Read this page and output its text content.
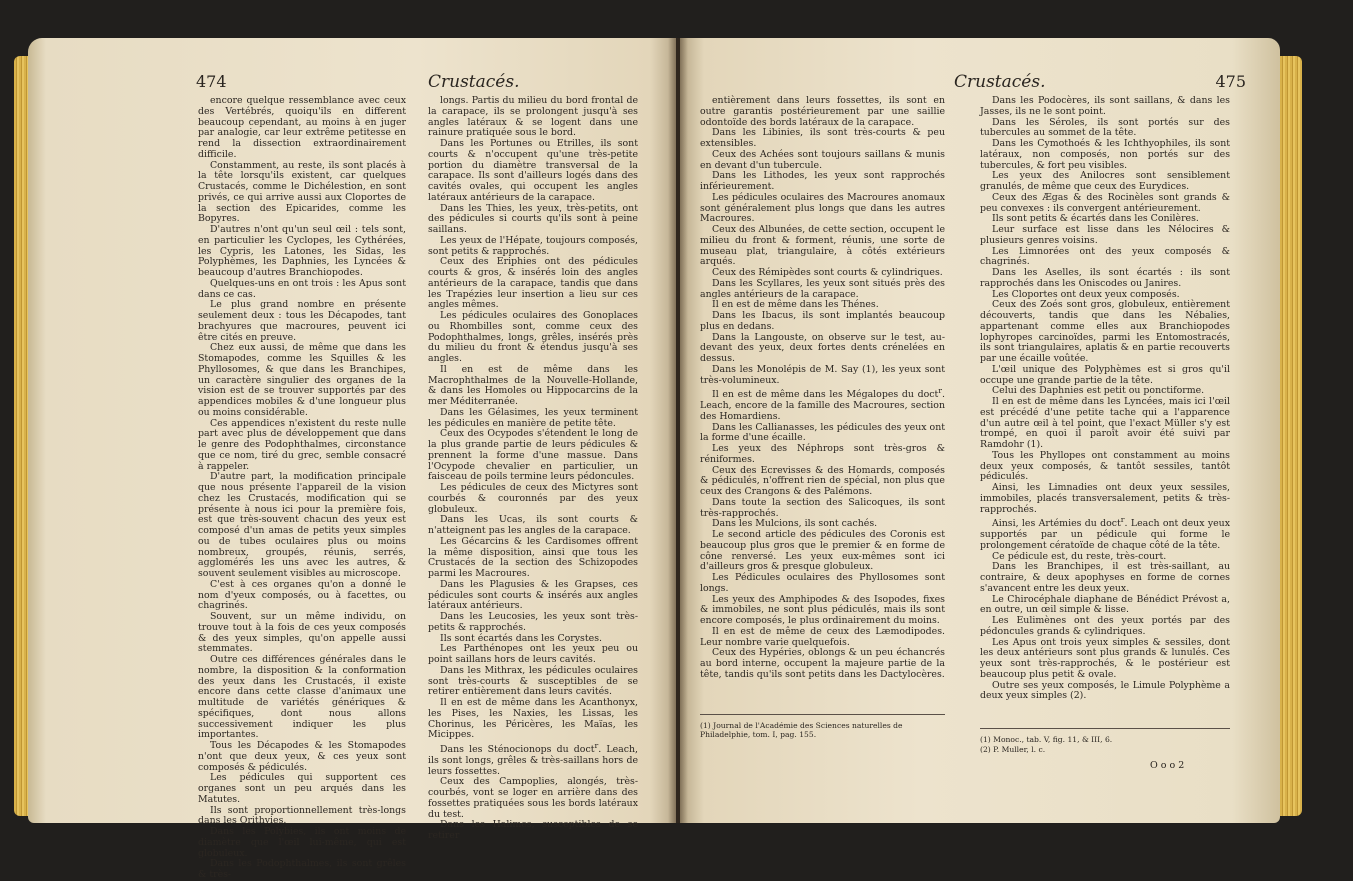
474	Crustacés.

encore quelque ressemblance avec ceux des Vertébrés, quoiqu'ils en different beaucoup cependant, au moins à en juger par analogie, car leur extrême petitesse en rend la dissection extraordinairement difficile.

Constamment, au reste, ils sont placés à la tête lorsqu'ils existent, car quelques Crustacés, comme le Dichélestion, en sont privés, ce qui arrive aussi aux Cloportes de la section des Epicarides, comme les Bopyres.

D'autres n'ont qu'un seul œil : tels sont, en particulier les Cyclopes, les Cythérées, les Cypris, les Latones, les Sidas, les Polyphèmes, les Daphnies, les Lyncées & beaucoup d'autres Branchiopodes.

Quelques-uns en ont trois : les Apus sont dans ce cas.

Le plus grand nombre en présente seulement deux : tous les Décapodes, tant brachyures que macroures, peuvent ici être cités en preuve.

Chez eux aussi, de même que dans les Stomapodes, comme les Squilles & les Phyllosomes, & que dans les Branchipes, un caractère singulier des organes de la vision est de se trouver supportés par des appendices mobiles & d'une longueur plus ou moins considérable.

Ces appendices n'existent du reste nulle part avec plus de développement que dans le genre des Podophthalmes, circonstance que ce nom, tiré du grec, semble consacré à rappeler.

D'autre part, la modification principale que nous présente l'appareil de la vision chez les Crustacés, modification qui se présente à nous ici pour la première fois, est que très-souvent chacun des yeux est composé d'un amas de petits yeux simples ou de tubes oculaires plus ou moins nombreux, groupés, réunis, serrés, agglomérés les uns avec les autres, & souvent seulement visibles au microscope.

C'est à ces organes qu'on a donné le nom d'yeux composés, ou à facettes, ou chagrinés.

Souvent, sur un même individu, on trouve tout à la fois de ces yeux composés & des yeux simples, qu'on appelle aussi stemmates.

Outre ces différences générales dans le nombre, la disposition & la conformation des yeux dans les Crustacés, il existe encore dans cette classe d'animaux une multitude de variétés génériques & spécifiques, dont nous allons successivement indiquer les plus importantes.

Tous les Décapodes & les Stomapodes n'ont que deux yeux, & ces yeux sont composés & pédiculés.

Les pédicules qui supportent ces organes sont un peu arqués dans les Matutes.

Ils sont proportionnellement très-longs dans les Orithyies.

Dans les Polybies, ils ont moins de diamètre que l'œil lui-même, qui est globuleux.

Dans les Podophthalmes, ils sont grêles & très-

longs. Partis du milieu du bord frontal de la carapace, ils se prolongent jusqu'à ses angles latéraux & se logent dans une rainure pratiquée sous le bord.

Dans les Portunes ou Etrilles, ils sont courts & n'occupent qu'une très-petite portion du diamètre transversal de la carapace. Ils sont d'ailleurs logés dans des cavités ovales, qui occupent les angles latéraux antérieurs de la carapace.

Dans les Thies, les yeux, très-petits, ont des pédicules si courts qu'ils sont à peine saillans.

Les yeux de l'Hépate, toujours composés, sont petits & rapprochés.

Ceux des Eriphies ont des pédicules courts & gros, & insérés loin des angles antérieurs de la carapace, tandis que dans les Trapézies leur insertion a lieu sur ces angles mêmes.

Les pédicules oculaires des Gonoplaces ou Rhombilles sont, comme ceux des Podophthalmes, longs, grêles, insérés près du milieu du front & étendus jusqu'à ses angles.

Il en est de même dans les Macrophthalmes de la Nouvelle-Hollande, & dans les Homoles ou Hippocarcins de la mer Méditerranée.

Dans les Gélasimes, les yeux terminent les pédicules en manière de petite tête.

Ceux des Ocypodes s'étendent le long de la plus grande partie de leurs pédicules & prennent la forme d'une massue. Dans l'Ocypode chevalier en particulier, un faisceau de poils termine leurs pédoncules.

Les pédicules de ceux des Mictyres sont courbés & couronnés par des yeux globuleux.

Dans les Ucas, ils sont courts & n'atteignent pas les angles de la carapace.

Les Gécarcins & les Cardisomes offrent la même disposition, ainsi que tous les Crustacés de la section des Schizopodes parmi les Macroures.

Dans les Plagusies & les Grapses, ces pédicules sont courts & insérés aux angles latéraux antérieurs.

Dans les Leucosies, les yeux sont très-petits & rapprochés.

Ils sont écartés dans les Corystes.

Les Parthénopes ont les yeux peu ou point saillans hors de leurs cavités.

Dans les Mithrax, les pédicules oculaires sont très-courts & susceptibles de se retirer entièrement dans leurs cavités.

Il en est de même dans les Acanthonyx, les Pises, les Naxies, les Lissas, les Chorinus, les Péricères, les Maïas, les Micippes.

Dans les Sténocionops du doct$^r$. Leach, ils sont longs, grêles & très-saillans hors de leurs fossettes.

Ceux des Campoplies, alongés, très-courbés, vont se loger en arrière dans des fossettes pratiquées sous les bords latéraux du test.

Dans les Halimes, susceptibles de se retirer

Crustacés.	475

entièrement dans leurs fossettes, ils sont en outre garantis postérieurement par une saillie odontoïde des bords latéraux de la carapace.

Dans les Libinies, ils sont très-courts & peu extensibles.

Ceux des Achées sont toujours saillans & munis en devant d'un tubercule.

Dans les Lithodes, les yeux sont rapprochés inférieurement.

Les pédicules oculaires des Macroures anomaux sont généralement plus longs que dans les autres Macroures.

Ceux des Albunées, de cette section, occupent le milieu du front & forment, réunis, une sorte de museau plat, triangulaire, à côtés extérieurs arqués.

Ceux des Rémipèdes sont courts & cylindriques.

Dans les Scyllares, les yeux sont situés près des angles antérieurs de la carapace.

Il en est de même dans les Thénes.

Dans les Ibacus, ils sont implantés beaucoup plus en dedans.

Dans la Langouste, on observe sur le test, au-devant des yeux, deux fortes dents crénelées en dessus.

Dans les Monolépis de M. Say (1), les yeux sont très-volumineux.

Il en est de même dans les Mégalopes du doct$^r$. Leach, encore de la famille des Macroures, section des Homardiens.

Dans les Callianasses, les pédicules des yeux ont la forme d'une écaille.

Les yeux des Néphrops sont très-gros & réniformes.

Ceux des Ecrevisses & des Homards, composés & pédiculés, n'offrent rien de spécial, non plus que ceux des Crangons & des Palémons.

Dans toute la section des Salicoques, ils sont très-rapprochés.

Dans les Mulcions, ils sont cachés.

Le second article des pédicules des Coronis est beaucoup plus gros que le premier & en forme de cône renversé. Les yeux eux-mêmes sont ici d'ailleurs gros & presque globuleux.

Les Pédicules oculaires des Phyllosomes sont longs.

Les yeux des Amphipodes & des Isopodes, fixes & immobiles, ne sont plus pédiculés, mais ils sont encore composés, le plus ordinairement du moins.

Il en est de même de ceux des Læmodipodes. Leur nombre varie quelquefois.

Ceux des Hypéries, oblongs & un peu échancrés au bord interne, occupent la majeure partie de la tête, tandis qu'ils sont petits dans les Dactylocères.

Dans les Podocères, ils sont saillans, & dans les Jasses, ils ne le sont point.

Dans les Séroles, ils sont portés sur des tubercules au sommet de la tête.

Dans les Cymothoés & les Ichthyophiles, ils sont latéraux, non composés, non portés sur des tubercules, & fort peu visibles.

Les yeux des Anilocres sont sensiblement granulés, de même que ceux des Eurydices.

Ceux des Ægas & des Rocinèles sont grands & peu convexes : ils convergent antérieurement.

Ils sont petits & écartés dans les Conilères.

Leur surface est lisse dans les Nélocires & plusieurs genres voisins.

Les Limnorées ont des yeux composés & chagrinés.

Dans les Aselles, ils sont écartés : ils sont rapprochés dans les Oniscodes ou Janires.

Les Cloportes ont deux yeux composés.

Ceux des Zoés sont gros, globuleux, entièrement découverts, tandis que dans les Nébalies, appartenant comme elles aux Branchiopodes lophyropes carcinoïdes, parmi les Entomostracés, ils sont triangulaires, aplatis & en partie recouverts par une écaille voûtée.

L'œil unique des Polyphèmes est si gros qu'il occupe une grande partie de la tête.

Celui des Daphnies est petit ou ponctiforme.

Il en est de même dans les Lyncées, mais ici l'œil est précédé d'une petite tache qui a l'apparence d'un autre œil à tel point, que l'exact Müller s'y est trompé, en quoi il paroît avoir été suivi par Ramdohr (1).

Tous les Phyllopes ont constamment au moins deux yeux composés, & tantôt sessiles, tantôt pédiculés.

Ainsi, les Limnadies ont deux yeux sessiles, immobiles, placés transversalement, petits & très-rapprochés.

Ainsi, les Artémies du doct$^r$. Leach ont deux yeux supportés par un pédicule qui forme le prolongement cératoïde de chaque côté de la tête.

Ce pédicule est, du reste, très-court.

Dans les Branchipes, il est très-saillant, au contraire, & deux apophyses en forme de cornes s'avancent entre les deux yeux.

Le Chirocéphale diaphane de Bénédict Prévost a, en outre, un œil simple & lisse.

Les Eulimènes ont des yeux portés par des pédoncules grands & cylindriques.

Les Apus ont trois yeux simples & sessiles, dont les deux antérieurs sont plus grands & lunulés. Ces yeux sont très-rapprochés, & le postérieur est beaucoup plus petit & ovale.

Outre ses yeux composés, le Limule Polyphème a deux yeux simples (2).

(1) Journal de l'Académie des Sciences naturelles de Philadelphie, tom. I, pag. 155.
(1) Monoc., tab. V, fig. 11, & III, 6.
(2) P. Muller, l. c.
O o o 2
